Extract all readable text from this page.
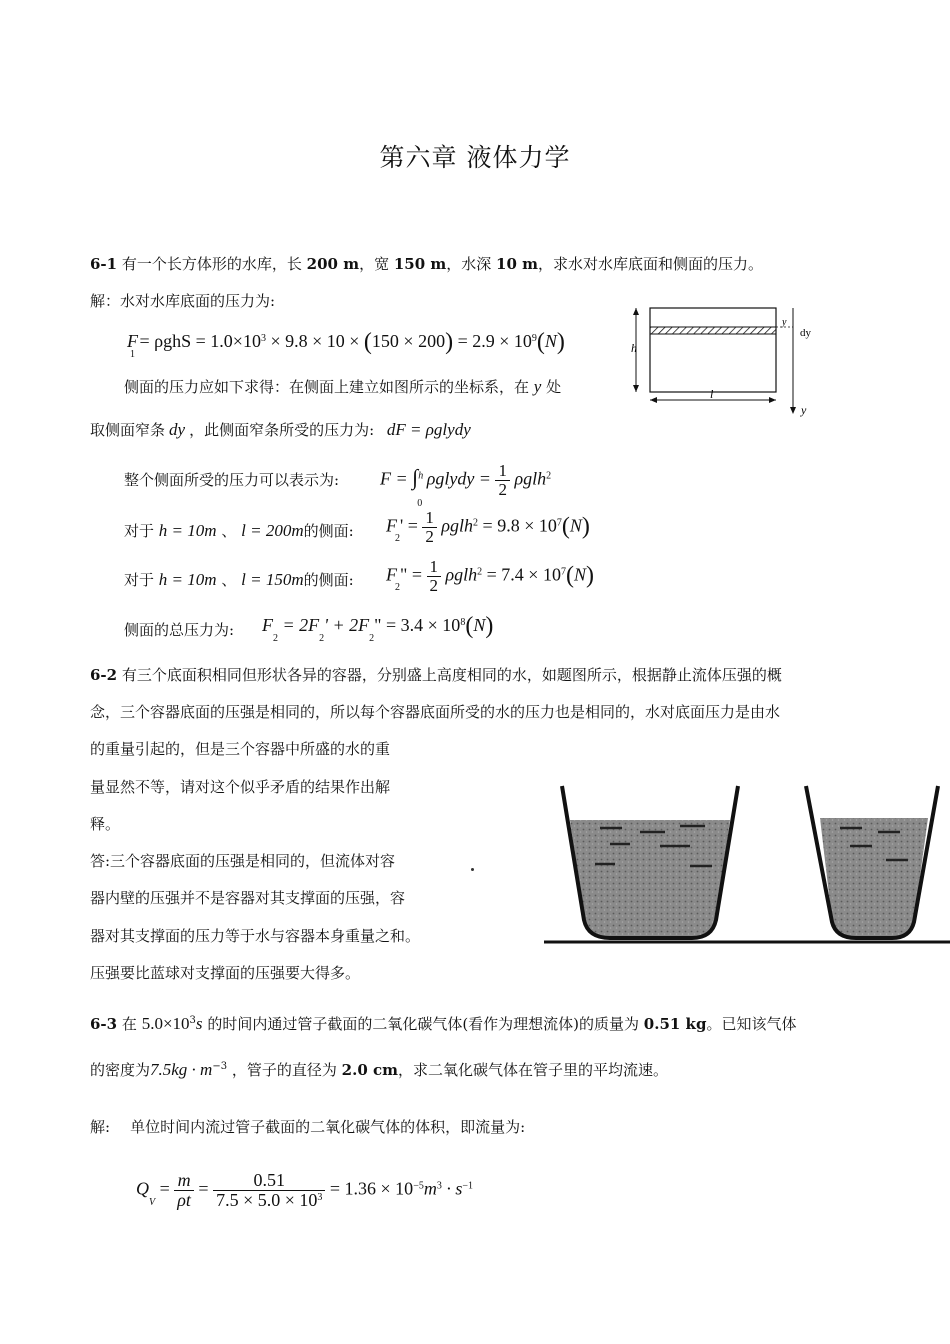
第六章 液体力学
6-1 有一个长方体形的水库，长 200 m，宽 150 m，水深 10 m，求水对水库底面和侧面的压力。
解：水对水库底面的压力为:
$F_1 = \rho ghS = 1.0\times 10^3 \times 9.8 \times 10 \times (150 \times 200) = 2.9 \times 10^9(N)$
侧面的压力应如下求得：在侧面上建立如图所示的坐标系，在 y 处
取侧面窄条 dy ，此侧面窄条所受的压力为: dF = ρglydy
整个侧面所受的压力可以表示为: F = ∫$^h_0$ ρglydy = $\frac{1}{2} \rho glh^2$
对于 h = 10m 、 l = 200m的侧面: $F_2' = \frac{1}{2} \rho glh^2 = 9.8 \times 10^7(N)$
对于 h = 10m 、 l = 150m的侧面: $F_2$" = $\frac{1}{2} \rho glh^2 = 7.4 \times 10^7(N)$
侧面的总压力为: $F_2 = 2F_2' + 2F_2$" = $3.4 \times 10^8(N)$
h
l
y
dy
y
6-2 有三个底面积相同但形状各异的容器，分别盛上高度相同的水，如题图所示，根据静止流体压强的概
念，三个容器底面的压强是相同的，所以每个容器底面所受的水的压力也是相同的，水对底面压力是由水
的重量引起的，但是三个容器中所盛的水的重
量显然不等，请对这个似乎矛盾的结果作出解
释。
答:三个容器底面的压强是相同的，但流体对容
器内壁的压强并不是容器对其支撑面的压强，容
器对其支撑面的压力等于水与容器本身重量之和。
压强要比蓝球对支撑面的压强要大得多。
6-3 在 $5.0\times 10^3s$ 的时间内通过管子截面的二氧化碳气体(看作为理想流体)的质量为 0.51 kg。已知该气体
的密度为$7.5kg \cdot m^{-3}$ ，管子的直径为 2.0 cm，求二氧化碳气体在管子里的平均流速。
解: 单位时间内流过管子截面的二氧化碳气体的体积，即流量为:
$Q_V = \frac{m}{\rho t} = \frac{0.51}{7.5 \times 5.0 \times 10^3} = 1.36 \times 10^{-5}m^3 \cdot s^{-1}$
